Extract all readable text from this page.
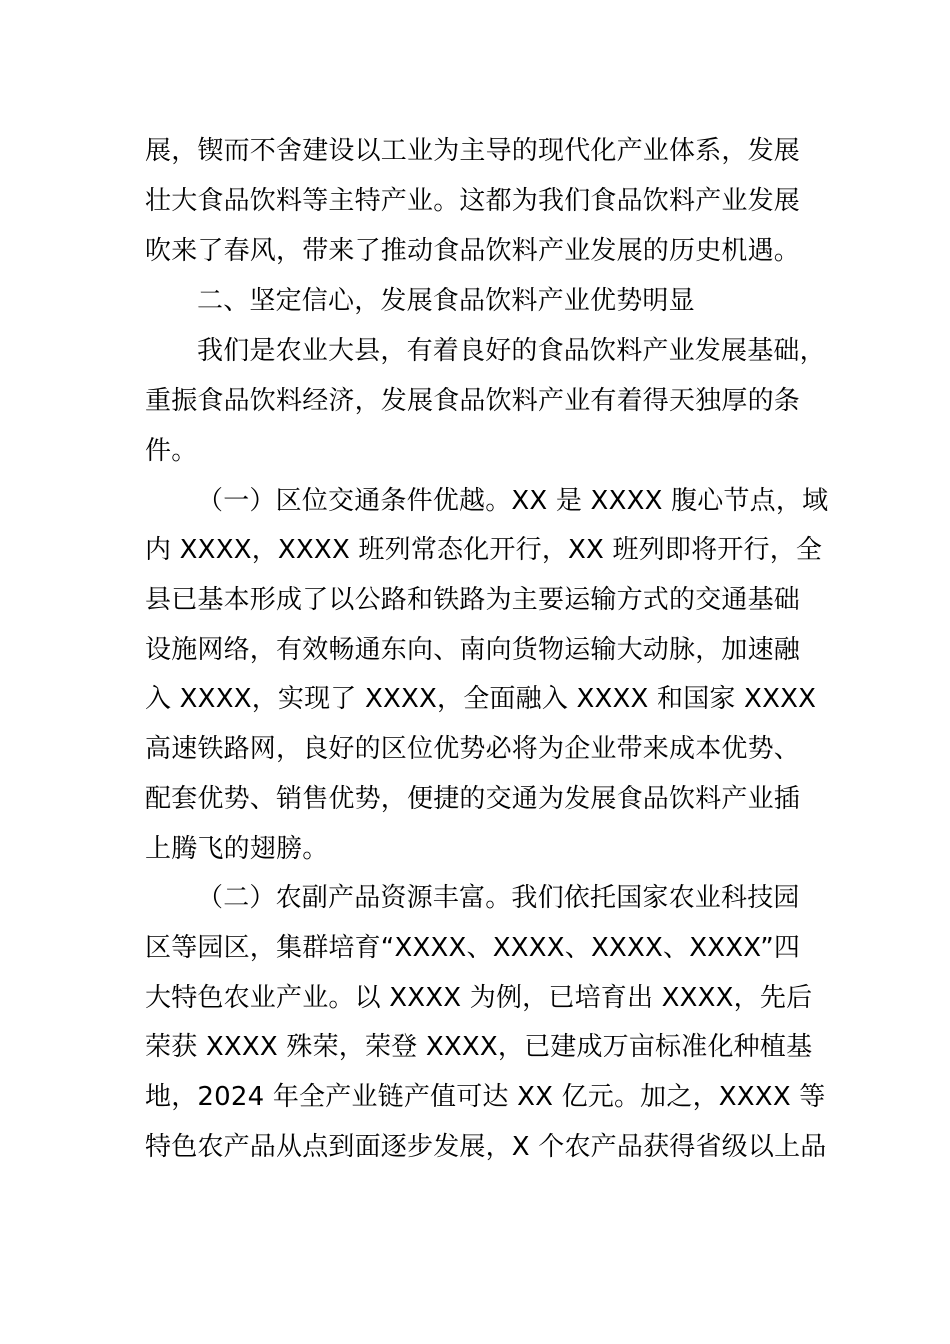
展，锲而不舍建设以工业为主导的现代化产业体系，发展
壮大食品饮料等主特产业。这都为我们食品饮料产业发展
吹来了春风，带来了推动食品饮料产业发展的历史机遇。
二、坚定信心，发展食品饮料产业优势明显
我们是农业大县，有着良好的食品饮料产业发展基础，
重振食品饮料经济，发展食品饮料产业有着得天独厚的条
件。
（一）区位交通条件优越。XX 是 XXXX 腹心节点，域
内 XXXX，XXXX 班列常态化开行，XX 班列即将开行，全
县已基本形成了以公路和铁路为主要运输方式的交通基础
设施网络，有效畅通东向、南向货物运输大动脉，加速融
入 XXXX，实现了 XXXX，全面融入 XXXX 和国家 XXXX
高速铁路网，良好的区位优势必将为企业带来成本优势、
配套优势、销售优势，便捷的交通为发展食品饮料产业插
上腾飞的翅膀。
（二）农副产品资源丰富。我们依托国家农业科技园
区等园区，集群培育“XXXX、XXXX、XXXX、XXXX”四
大特色农业产业。以 XXXX 为例，已培育出 XXXX，先后
荣获 XXXX 殊荣，荣登 XXXX，已建成万亩标准化种植基
地，2024 年全产业链产值可达 XX 亿元。加之，XXXX 等
特色农产品从点到面逐步发展，X 个农产品获得省级以上品
